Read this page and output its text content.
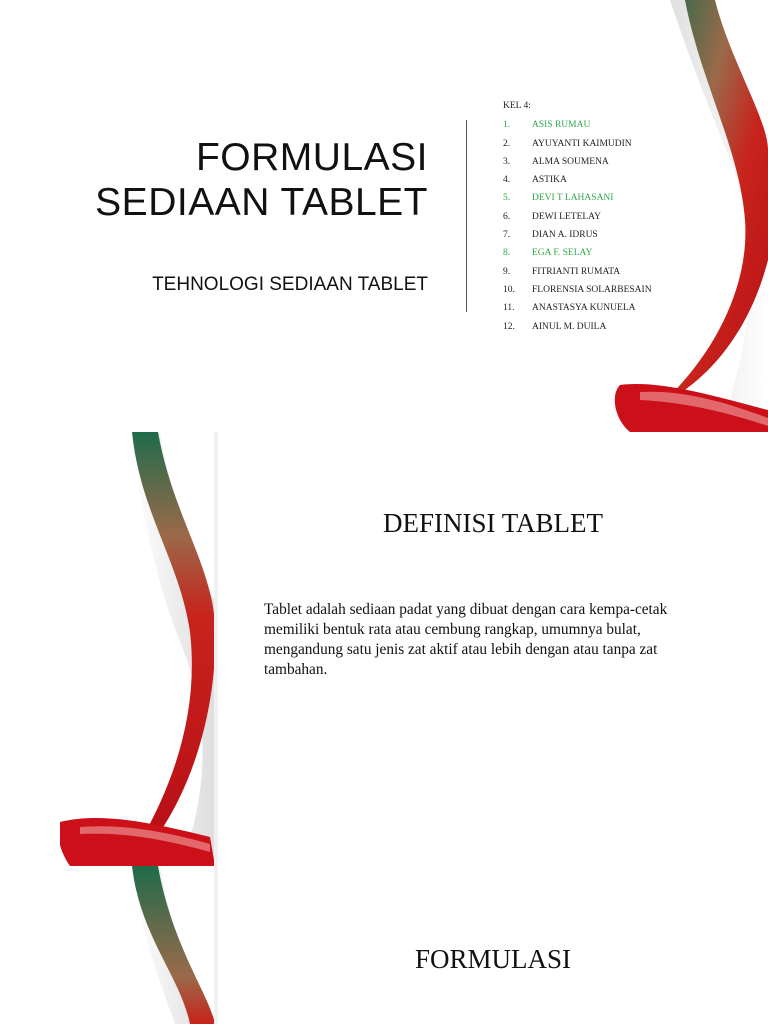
FORMULASI
SEDIAAN TABLET
TEHNOLOGI SEDIAAN TABLET
KEL 4:
1.	ASIS RUMAU
2.	AYUYANTI KAIMUDIN
3.	ALMA SOUMENA
4.	ASTIKA
5.	DEVI T LAHASANI
6.	DEWI LETELAY
7.	DIAN A. IDRUS
8.	EGA F. SELAY
9.	FITRIANTI RUMATA
10.	FLORENSIA SOLARBESAIN
11.	ANASTASYA KUNUELA
12.	AINUL M. DUILA
DEFINISI TABLET
Tablet adalah sediaan padat yang dibuat dengan cara kempa-cetak memiliki bentuk rata atau cembung rangkap, umumnya bulat, mengandung satu jenis zat aktif atau lebih dengan atau tanpa zat tambahan.
FORMULASI
